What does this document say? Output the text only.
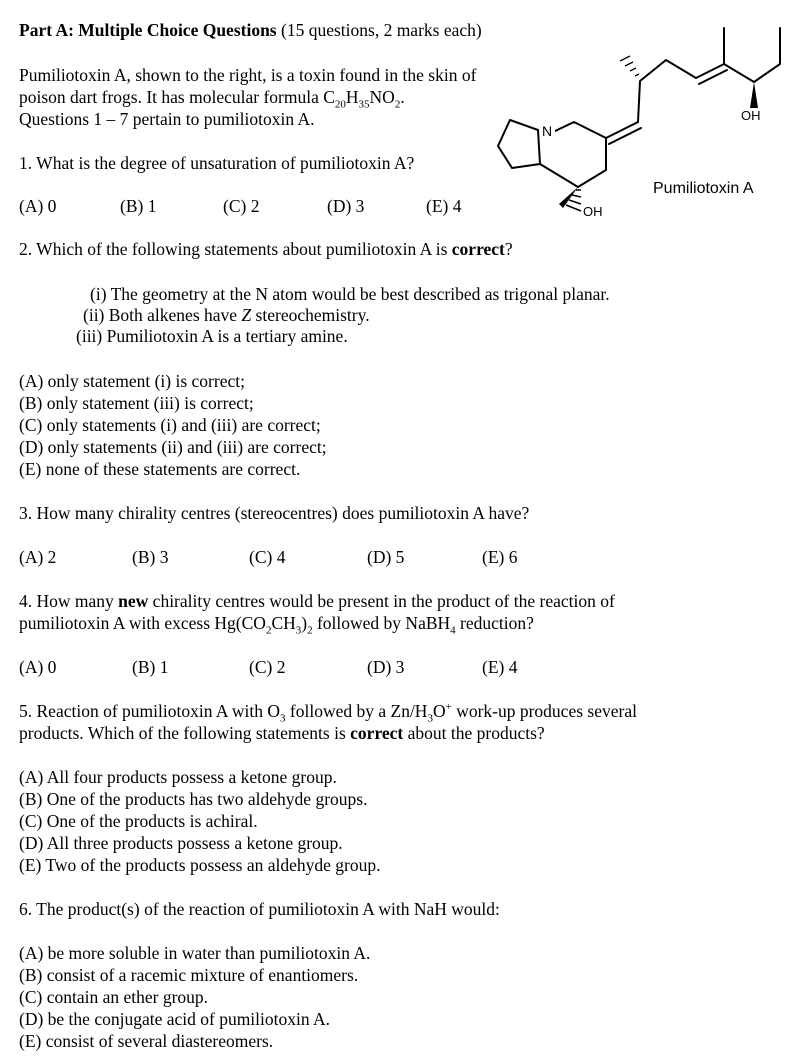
Part A: Multiple Choice Questions (15 questions, 2 marks each)
Pumiliotoxin A, shown to the right, is a toxin found in the skin of
poison dart frogs. It has molecular formula $C_{20}H_{35}NO_2$.
Questions 1 – 7 pertain to pumiliotoxin A.
N
OH
OH
Pumiliotoxin A
1. What is the degree of unsaturation of pumiliotoxin A?
(A) 0	(B) 1	(C) 2	(D) 3	(E) 4
2. Which of the following statements about pumiliotoxin A is correct?
(i) The geometry at the N atom would be best described as trigonal planar.
(ii) Both alkenes have Z stereochemistry.
(iii) Pumiliotoxin A is a tertiary amine.
(A) only statement (i) is correct;
(B) only statement (iii) is correct;
(C) only statements (i) and (iii) are correct;
(D) only statements (ii) and (iii) are correct;
(E) none of these statements are correct.
3. How many chirality centres (stereocentres) does pumiliotoxin A have?
(A) 2	(B) 3	(C) 4	(D) 5	(E) 6
4. How many new chirality centres would be present in the product of the reaction of
pumiliotoxin A with excess $Hg(CO_2CH_3)_2$ followed by NaBH$_4$ reduction?
(A) 0	(B) 1	(C) 2	(D) 3	(E) 4
5. Reaction of pumiliotoxin A with $O_3$ followed by a $Zn/H_3O^+$ work-up produces several
products. Which of the following statements is correct about the products?
(A) All four products possess a ketone group.
(B) One of the products has two aldehyde groups.
(C) One of the products is achiral.
(D) All three products possess a ketone group.
(E) Two of the products possess an aldehyde group.
6. The product(s) of the reaction of pumiliotoxin A with NaH would:
(A) be more soluble in water than pumiliotoxin A.
(B) consist of a racemic mixture of enantiomers.
(C) contain an ether group.
(D) be the conjugate acid of pumiliotoxin A.
(E) consist of several diastereomers.
